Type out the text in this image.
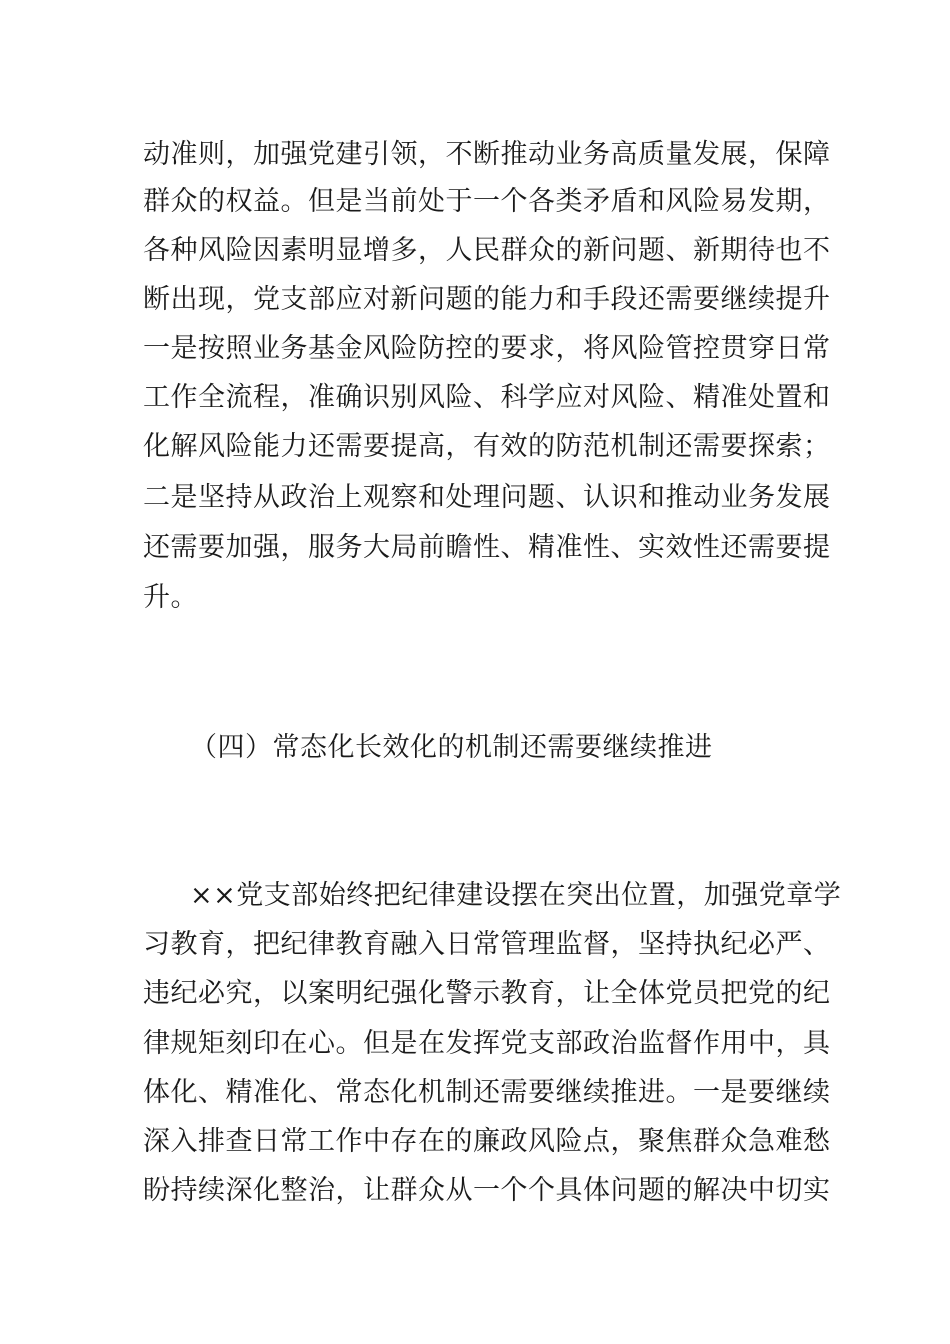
动准则，加强党建引领，不断推动业务高质量发展，保障
群众的权益。但是当前处于一个各类矛盾和风险易发期，
各种风险因素明显增多，人民群众的新问题、新期待也不
断出现，党支部应对新问题的能力和手段还需要继续提升
一是按照业务基金风险防控的要求，将风险管控贯穿日常
工作全流程，准确识别风险、科学应对风险、精准处置和
化解风险能力还需要提高，有效的防范机制还需要探索；
二是坚持从政治上观察和处理问题、认识和推动业务发展
还需要加强，服务大局前瞻性、精准性、实效性还需要提
升。
（四）常态化长效化的机制还需要继续推进
××党支部始终把纪律建设摆在突出位置，加强党章学
习教育，把纪律教育融入日常管理监督，坚持执纪必严、
违纪必究，以案明纪强化警示教育，让全体党员把党的纪
律规矩刻印在心。但是在发挥党支部政治监督作用中，具
体化、精准化、常态化机制还需要继续推进。一是要继续
深入排查日常工作中存在的廉政风险点，聚焦群众急难愁
盼持续深化整治，让群众从一个个具体问题的解决中切实
